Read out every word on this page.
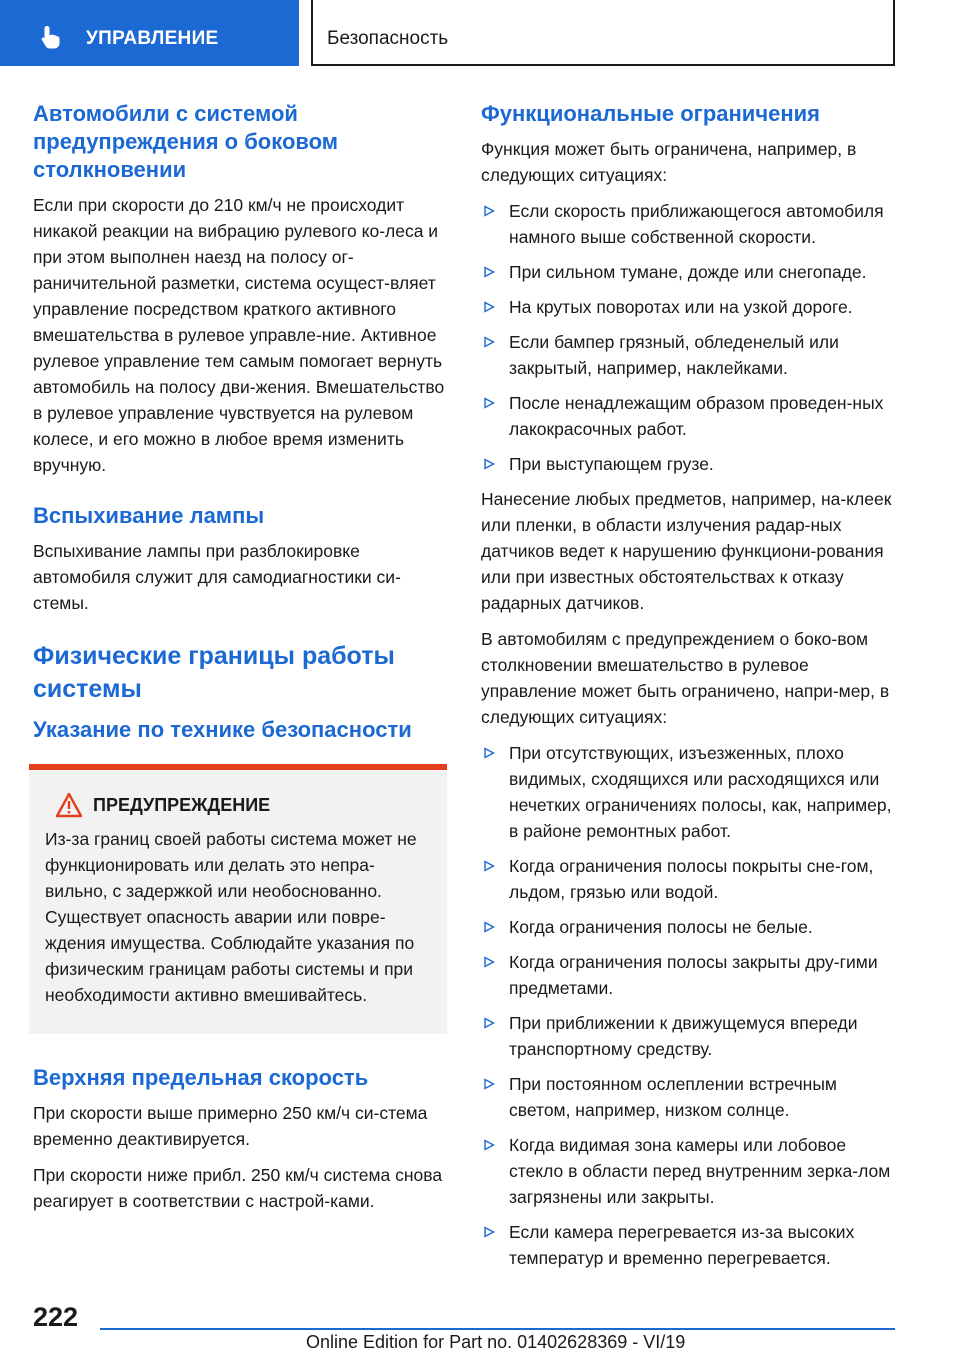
УПРАВЛЕНИЕ	Безопасность
Автомобили с системой предупреждения о боковом столкновении

Если при скорости до 210 км/ч не происходит никакой реакции на вибрацию рулевого ко-леса и при этом выполнен наезд на полосу ог-раничительной разметки, система осущест-вляет управление посредством краткого активного вмешательства в рулевое управле-ние. Активное рулевое управление тем самым помогает вернуть автомобиль на полосу дви-жения. Вмешательство в рулевое управление чувствуется на рулевом колесе, и его можно в любое время изменить вручную.

Вспыхивание лампы

Вспыхивание лампы при разблокировке автомобиля служит для самодиагностики си-стемы.

Физические границы работы системы
Указание по технике безопасности
ПРЕДУПРЕЖДЕНИЕ

Из-за границ своей работы система может не функционировать или делать это непра-вильно, с задержкой или необоснованно. Существует опасность аварии или повре-ждения имущества. Соблюдайте указания по физическим границам работы системы и при необходимости активно вмешивайтесь.

Верхняя предельная скорость

При скорости выше примерно 250 км/ч си-стема временно деактивируется.

При скорости ниже прибл. 250 км/ч система снова реагирует в соответствии с настрой-ками.

Функциональные ограничения

Функция может быть ограничена, например, в следующих ситуациях:

Если скорость приближающегося автомобиля намного выше собственной скорости.
При сильном тумане, дожде или снегопаде.
На крутых поворотах или на узкой дороге.
Если бампер грязный, обледенелый или закрытый, например, наклейками.
После ненадлежащим образом проведен-ных лакокрасочных работ.
При выступающем грузе.

Нанесение любых предметов, например, на-клеек или пленки, в области излучения радар-ных датчиков ведет к нарушению функциони-рования или при известных обстоятельствах к отказу радарных датчиков.

В автомобилям с предупреждением о боко-вом столкновении вмешательство в рулевое управление может быть ограничено, напри-мер, в следующих ситуациях:

При отсутствующих, изъезженных, плохо видимых, сходящихся или расходящихся или нечетких ограничениях полосы, как, например, в районе ремонтных работ.
Когда ограничения полосы покрыты сне-гом, льдом, грязью или водой.
Когда ограничения полосы не белые.
Когда ограничения полосы закрыты дру-гими предметами.
При приближении к движущемуся впереди транспортному средству.
При постоянном ослеплении встречным светом, например, низком солнце.
Когда видимая зона камеры или лобовое стекло в области перед внутренним зерка-лом загрязнены или закрыты.
Если камера перегревается из-за высоких температур и временно перегревается.
222
Online Edition for Part no. 01402628369 - VI/19
